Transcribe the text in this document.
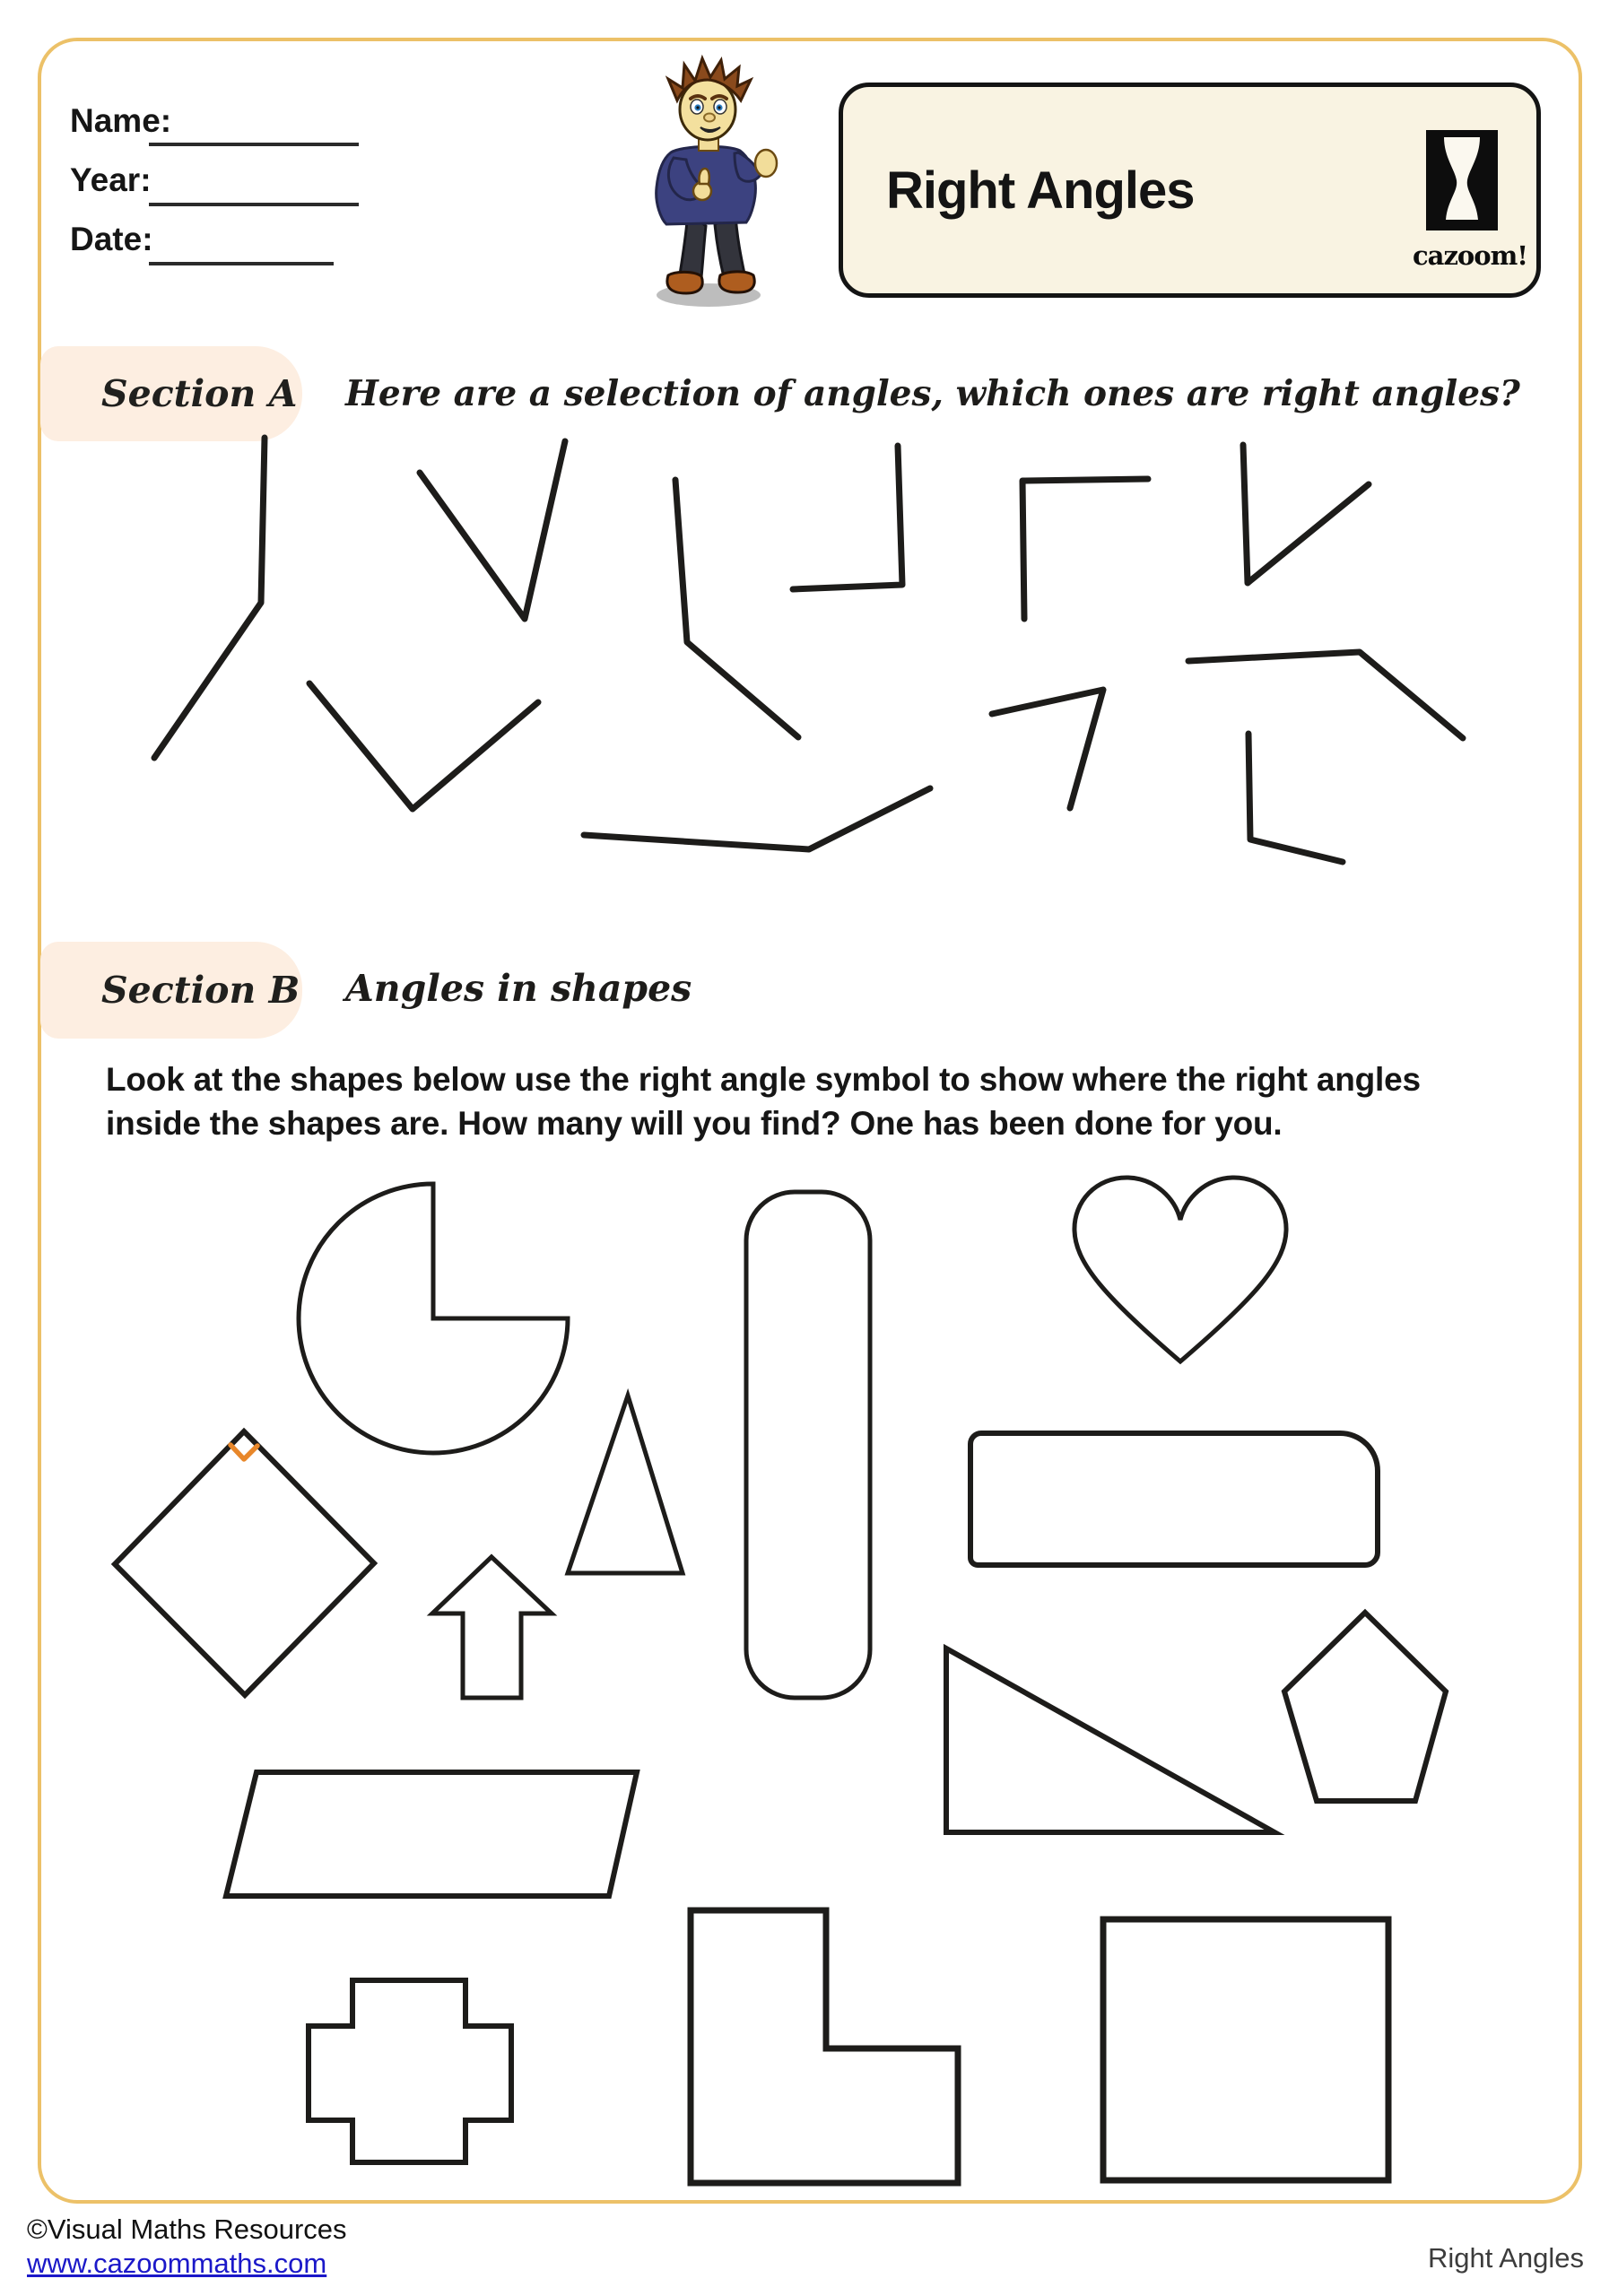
Name:
Year:
Date:
Right Angles
cazoom!
Section A Here are a selection of angles, which ones are right angles?
Section B Angles in shapes
Look at the shapes below use the right angle symbol to show where the right angles inside the shapes are. How many will you find? One has been done for you.
©Visual Maths Resources
www.cazoommaths.com	Right Angles
